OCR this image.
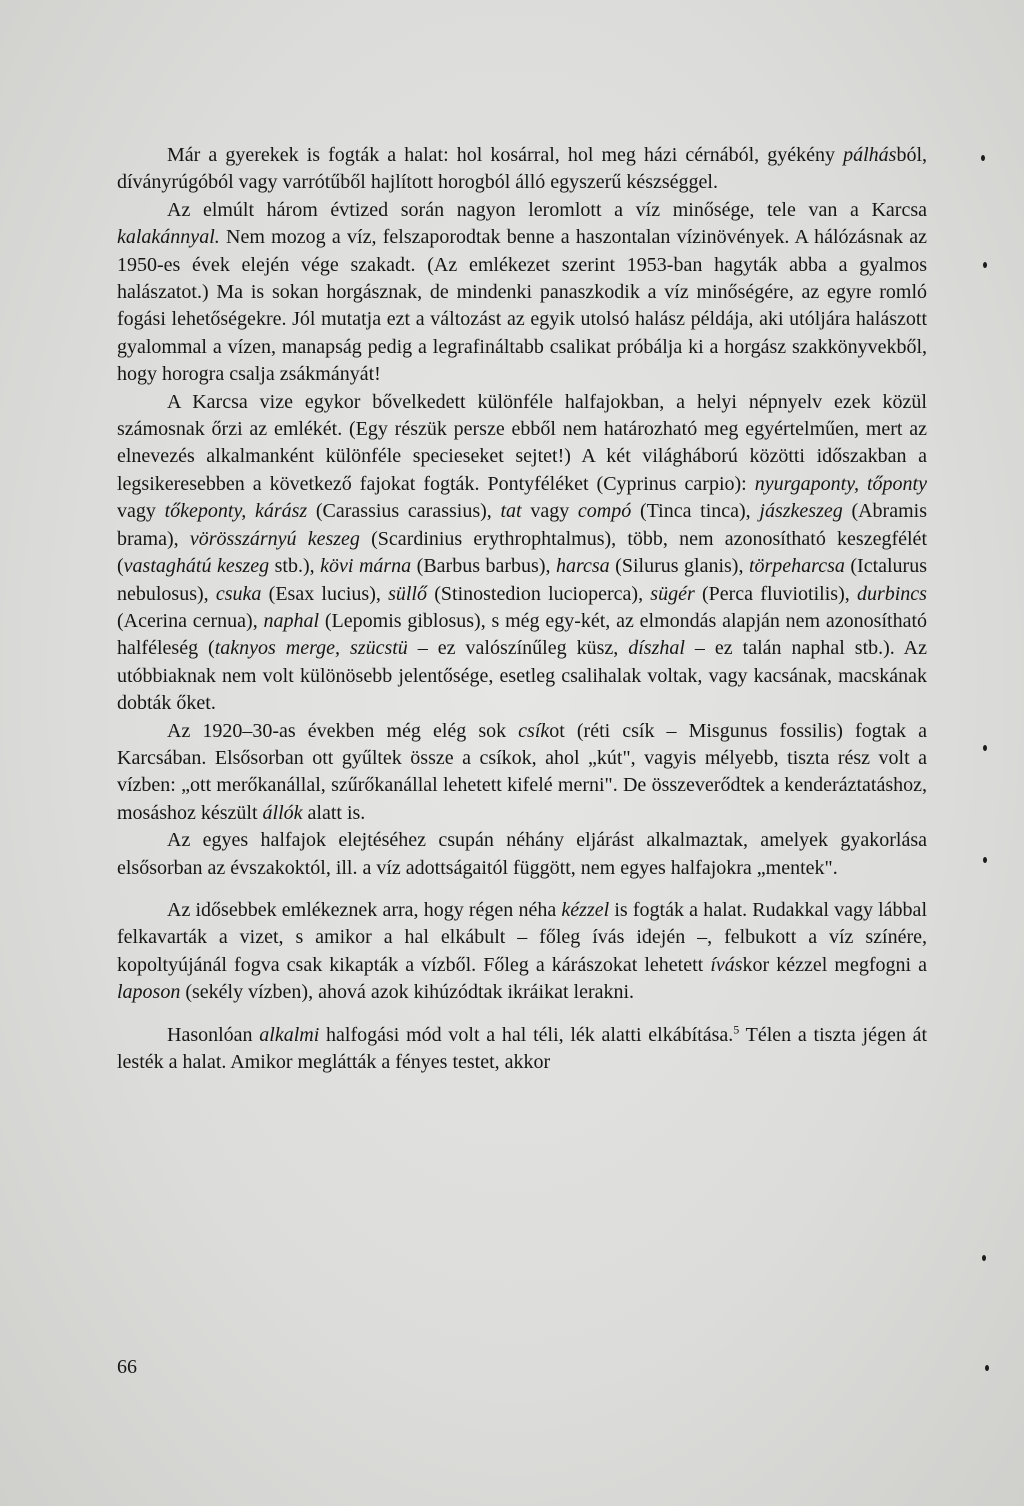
Már a gyerekek is fogták a halat: hol kosárral, hol meg házi cérnából, gyékény pálhásból, díványrúgóból vagy varrótűből hajlított horogból álló egyszerű készséggel.

Az elmúlt három évtized során nagyon leromlott a víz minősége, tele van a Karcsa kalakánnyal. Nem mozog a víz, felszaporodtak benne a haszontalan vízinövények. A hálózásnak az 1950-es évek elején vége szakadt. (Az emlékezet szerint 1953-ban hagyták abba a gyalmos halászatot.) Ma is sokan horgásznak, de mindenki panaszkodik a víz minőségére, az egyre romló fogási lehetőségekre. Jól mutatja ezt a változást az egyik utolsó halász példája, aki utóljára halászott gyalommal a vízen, manapság pedig a legrafináltabb csalikat próbálja ki a horgász szakkönyvekből, hogy horogra csalja zsákmányát!

A Karcsa vize egykor bővelkedett különféle halfajokban, a helyi népnyelv ezek közül számosnak őrzi az emlékét. (Egy részük persze ebből nem határozható meg egyértelműen, mert az elnevezés alkalmanként különféle specieseket sejtet!) A két világháború közötti időszakban a legsikeresebben a következő fajokat fogták. Pontyféléket (Cyprinus carpio): nyurgaponty, tőponty vagy tőkeponty, kárász (Carassius carassius), tat vagy compó (Tinca tinca), jászkeszeg (Abramis brama), vörösszárnyú keszeg (Scardinius erythrophtalmus), több, nem azonosítható keszegfélét (vastaghátú keszeg stb.), kövi márna (Barbus barbus), harcsa (Silurus glanis), törpeharcsa (Ictalurus nebulosus), csuka (Esax lucius), süllő (Stinostedion lucioperca), sügér (Perca fluviotilis), durbincs (Acerina cernua), naphal (Lepomis giblosus), s még egy-két, az elmondás alapján nem azonosítható halféleség (taknyos merge, szücstü – ez valószínűleg küsz, díszhal – ez talán naphal stb.). Az utóbbiaknak nem volt különösebb jelentősége, esetleg csalihalak voltak, vagy kacsának, macskának dobták őket.

Az 1920–30-as években még elég sok csíkot (réti csík – Misgunus fossilis) fogtak a Karcsában. Elsősorban ott gyűltek össze a csíkok, ahol „kút", vagyis mélyebb, tiszta rész volt a vízben: „ott merőkanállal, szűrőkanállal lehetett kifelé merni". De összeverődtek a kenderáztatáshoz, mosáshoz készült állók alatt is.

Az egyes halfajok elejtéséhez csupán néhány eljárást alkalmaztak, amelyek gyakorlása elsősorban az évszakoktól, ill. a víz adottságaitól függött, nem egyes halfajokra „mentek".

Az idősebbek emlékeznek arra, hogy régen néha kézzel is fogták a halat. Rudakkal vagy lábbal felkavarták a vizet, s amikor a hal elkábult – főleg ívás idején –, felbukott a víz színére, kopoltyújánál fogva csak kikapták a vízből. Főleg a kárászokat lehetett íváskor kézzel megfogni a laposon (sekély vízben), ahová azok kihúzódtak ikráikat lerakni.

Hasonlóan alkalmi halfogási mód volt a hal téli, lék alatti elkábítása.$^5$ Télen a tiszta jégen át lesték a halat. Amikor meglátták a fényes testet, akkor

66
